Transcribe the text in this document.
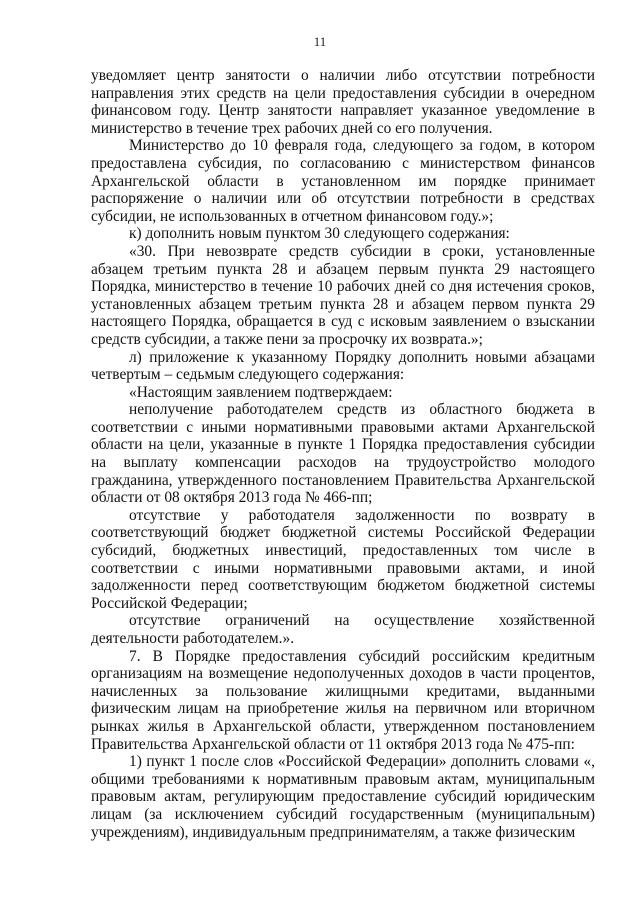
11

уведомляет центр занятости о наличии либо отсутствии потребности направления этих средств на цели предоставления субсидии в очередном финансовом году. Центр занятости направляет указанное уведомление в министерство в течение трех рабочих дней со его получения.

Министерство до 10 февраля года, следующего за годом, в котором предоставлена субсидия, по согласованию с министерством финансов Архангельской области в установленном им порядке принимает распоряжение о наличии или об отсутствии потребности в средствах субсидии, не использованных в отчетном финансовом году.»;

к) дополнить новым пунктом 30 следующего содержания:

«30. При невозврате средств субсидии в сроки, установленные абзацем третьим пункта 28 и абзацем первым пункта 29 настоящего Порядка, министерство в течение 10 рабочих дней со дня истечения сроков, установленных абзацем третьим пункта 28 и абзацем первом пункта 29 настоящего Порядка, обращается в суд с исковым заявлением о взыскании средств субсидии, а также пени за просрочку их возврата.»;

л) приложение к указанному Порядку дополнить новыми абзацами четвертым – седьмым следующего содержания:

«Настоящим заявлением подтверждаем:

неполучение работодателем средств из областного бюджета в соответствии с иными нормативными правовыми актами Архангельской области на цели, указанные в пункте 1 Порядка предоставления субсидии на выплату компенсации расходов на трудоустройство молодого гражданина, утвержденного постановлением Правительства Архангельской области от 08 октября 2013 года № 466-пп;

отсутствие у работодателя задолженности по возврату в соответствующий бюджет бюджетной системы Российской Федерации субсидий, бюджетных инвестиций, предоставленных том числе в соответствии с иными нормативными правовыми актами, и иной задолженности перед соответствующим бюджетом бюджетной системы Российской Федерации;

отсутствие ограничений на осуществление хозяйственной деятельности работодателем.».

7. В Порядке предоставления субсидий российским кредитным организациям на возмещение недополученных доходов в части процентов, начисленных за пользование жилищными кредитами, выданными физическим лицам на приобретение жилья на первичном или вторичном рынках жилья в Архангельской области, утвержденном постановлением Правительства Архангельской области от 11 октября 2013 года № 475-пп:

1) пункт 1 после слов «Российской Федерации» дополнить словами «, общими требованиями к нормативным правовым актам, муниципальным правовым актам, регулирующим предоставление субсидий юридическим лицам (за исключением субсидий государственным (муниципальным) учреждениям), индивидуальным предпринимателям, а также физическим
